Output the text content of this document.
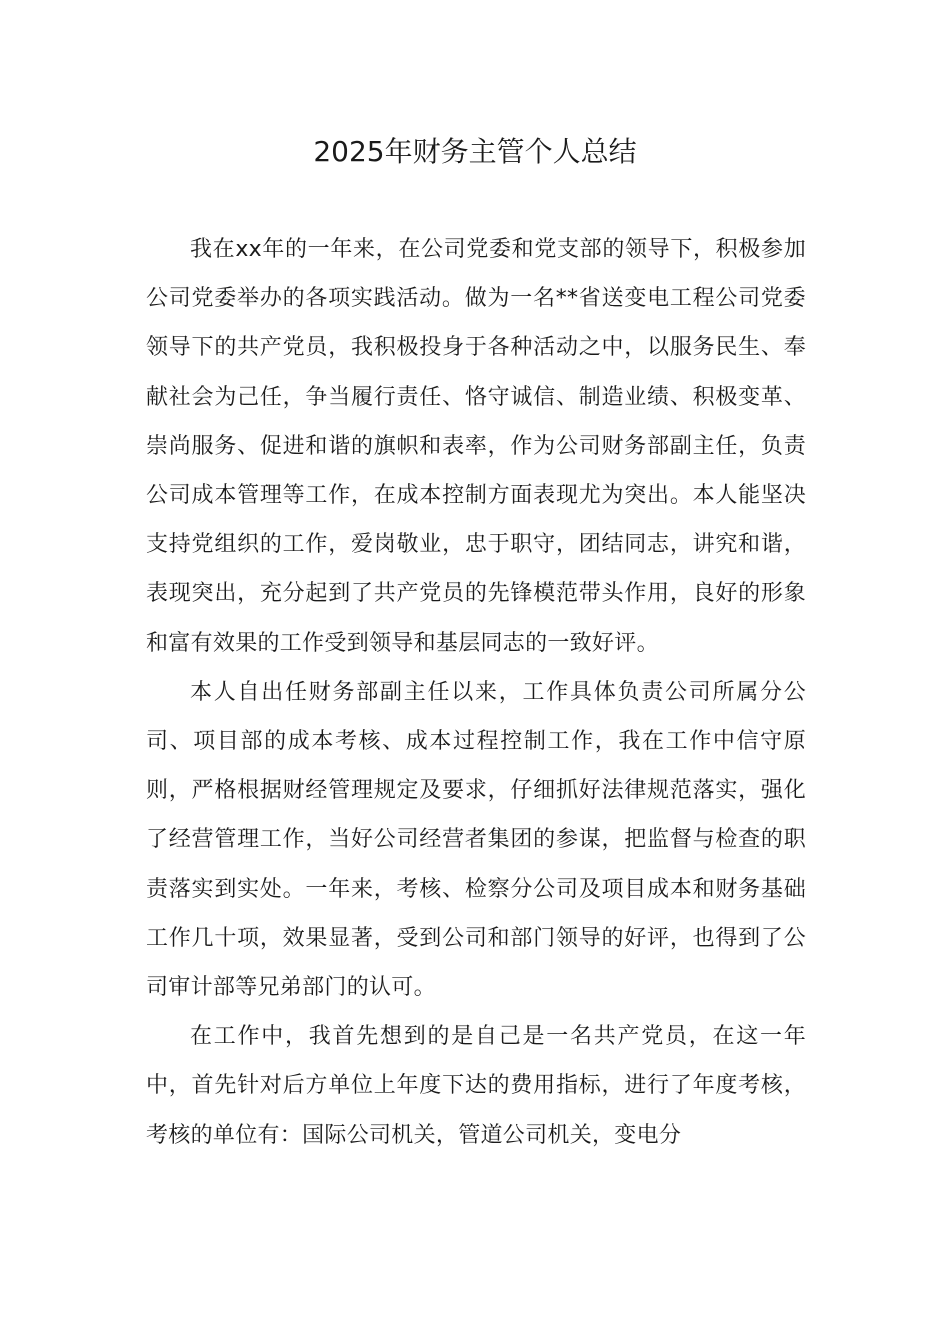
2025年财务主管个人总结

我在xx年的一年来，在公司党委和党支部的领导下，积极参加公司党委举办的各项实践活动。做为一名**省送变电工程公司党委领导下的共产党员，我积极投身于各种活动之中，以服务民生、奉献社会为己任，争当履行责任、恪守诚信、制造业绩、积极变革、崇尚服务、促进和谐的旗帜和表率，作为公司财务部副主任，负责公司成本管理等工作，在成本控制方面表现尤为突出。本人能坚决支持党组织的工作，爱岗敬业，忠于职守，团结同志，讲究和谐，表现突出，充分起到了共产党员的先锋模范带头作用，良好的形象和富有效果的工作受到领导和基层同志的一致好评。

本人自出任财务部副主任以来，工作具体负责公司所属分公司、项目部的成本考核、成本过程控制工作，我在工作中信守原则，严格根据财经管理规定及要求，仔细抓好法律规范落实，强化了经营管理工作，当好公司经营者集团的参谋，把监督与检查的职责落实到实处。一年来，考核、检察分公司及项目成本和财务基础工作几十项，效果显著，受到公司和部门领导的好评，也得到了公司审计部等兄弟部门的认可。

在工作中，我首先想到的是自己是一名共产党员，在这一年中，首先针对后方单位上年度下达的费用指标，进行了年度考核，考核的单位有：国际公司机关，管道公司机关，变电分
